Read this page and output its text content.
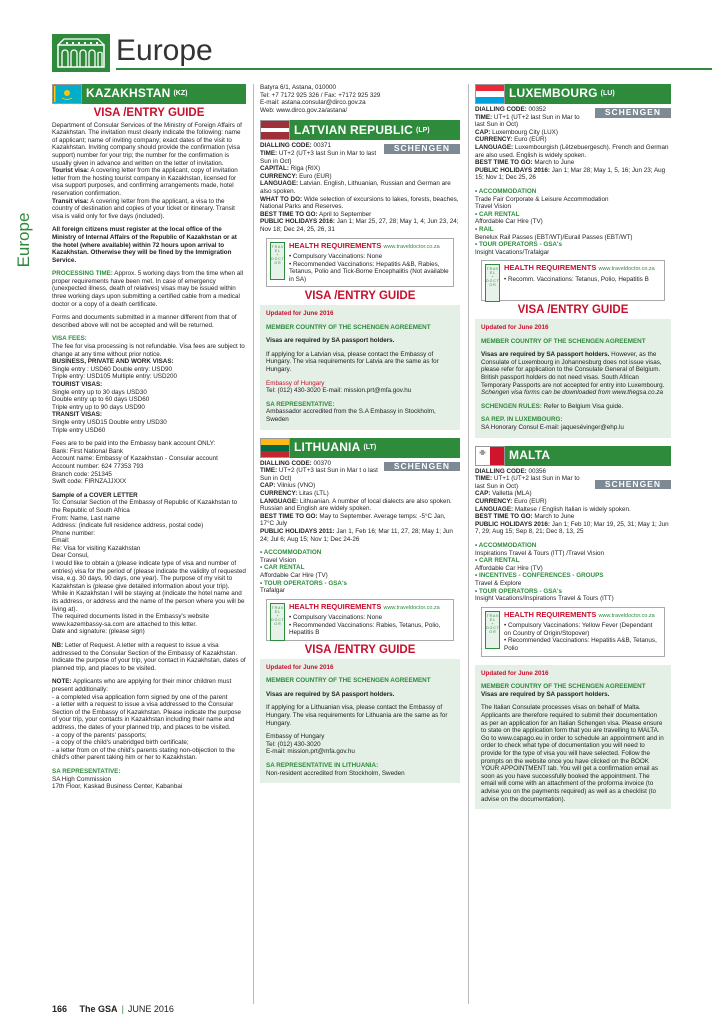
Europe
Europe
KAZAKHSTAN (KZ)
VISA /ENTRY GUIDE

Department of Consular Services of the Ministry of Foreign Affairs of Kazakhstan. The invitation must clearly indicate the following: name of applicant; name of inviting company; exact dates of the visit to Kazakhstan. Inviting company should provide the confirmation (visa support) number for your trip; the number for the confirmation is usually given in advance and written on the letter of invitation.

Tourist visa: A covering letter from the applicant, copy of invitation letter from the hosting tourist company in Kazakhstan, licensed for visa support purposes, and confirming arrangements made, hotel reservation confirmation.
Transit visa: A covering letter from the applicant, a visa to the country of destination and copies of your ticket or itinerary. Transit visa is valid only for five days (included).

All foreign citizens must register at the local office of the Ministry of Internal Affairs of the Republic of Kazakhstan or at the hotel (where available) within 72 hours upon arrival to Kazakhstan. Otherwise they will be fined by the Immigration Service.

PROCESSING TIME: Approx. 5 working days from the time when all proper requirements have been met. In case of emergency (unexpected illness, death of relatives) visas may be issued within three working days upon submitting a certified cable from a medical doctor or a copy of a death certificate.

Forms and documents submitted in a manner different from that of described above will not be accepted and will be returned.

VISA FEES:
The fee for visa processing is not refundable. Visa fees are subject to change at any time without prior notice.
BUSINESS, PRIVATE AND WORK VISAS:
Single entry : USD60 Double entry: USD90
Triple entry: USD105 Multiple entry: USD200
TOURIST VISAS:
Single entry up to 30 days USD30
Double entry up to 60 days USD60
Triple entry up to 90 days USD90
TRANSIT VISAS:
Single entry USD15 Double entry USD30
Triple entry USD60

Fees are to be paid into the Embassy bank account ONLY:
Bank: First National Bank
Account name: Embassy of Kazakhstan - Consular account
Account number: 624 77353 793
Branch code: 251345
Swift code: FIRNZAJJXXX

Sample of a COVER LETTER
To: Consular Section of the Embassy of Republic of Kazakhstan to the Republic of South Africa
From: Name, Last name
Address: (indicate full residence address, postal code)
Phone number:
Email:
Re: Visa for visiting Kazakhstan
Dear Consul,
I would like to obtain a (please indicate type of visa and number of entries) visa for the period of (please indicate the validity of requested visa, e.g. 30 days, 90 days, one year). The purpose of my visit to Kazakhstan is (please give detailed information about your trip).
While in Kazakhstan I will be staying at (indicate the hotel name and its address, or address and the name of the person where you will be living at).
The required documents listed in the Embassy's website www.kazembassy-sa.com are attached to this letter.
Date and signature: (please sign)

NB: Letter of Request. A letter with a request to issue a visa addressed to the Consular Section of the Embassy of Kazakhstan. Indicate the purpose of your trip, your contact in Kazakhstan, dates of planned trip, and places to be visited.

NOTE: Applicants who are applying for their minor children must present additionally:
- a completed visa application form signed by one of the parent
- a letter with a request to issue a visa addressed to the Consular Section of the Embassy of Kazakhstan. Please indicate the purpose of your trip, your contacts in Kazakhstan including their name and address, the dates of your planned trip, and places to be visited.
- a copy of the parents' passports;
- a copy of the child's unabridged birth certificate;
- a letter from on of the child's parents stating non-objection to the child's other parent taking him or her to Kazakhstan.

SA REPRESENTATIVE:
SA High Commission
17th Floor, Kaskad Business Center, Kabanbai

Batyra 6/1, Astana, 010000
Tel: +7 7172 925 326 / Fax: +7172 925 329
E-mail: astana.consular@dirco.gov.za
Web: www.dirco.gov.za/astana/

LATVIAN REPUBLIC (LP)
SCHENGEN
DIALLING CODE: 00371
TIME: UT+2 (UT+3 last Sun in Mar to last Sun in Oct)
CAPITAL: Riga (RIX)
CURRENCY: Euro (EUR)
LANGUAGE: Latvian. English, Lithuanian, Russian and German are also spoken.
WHAT TO DO: Wide selection of excursions to lakes, forests, beaches, National Parks and Reserves.
BEST TIME TO GO: April to September
PUBLIC HOLIDAYS 2016: Jan 1; Mar 25, 27, 28; May 1, 4; Jun 23, 24; Nov 18; Dec 24, 25, 26, 31
T R A V E L
+
D O C T O R
HEALTH REQUIREMENTS www.traveldoctor.co.za
• Compulsory Vaccinations: None
• Recommended Vaccinations: Hepatitis A&B, Rabies, Tetanus, Polio and Tick-Borne Encephalitis (Not available in SA)
VISA /ENTRY GUIDE

Updated for June 2016

MEMBER COUNTRY OF THE SCHENGEN AGREEMENT

Visas are required by SA passport holders.

If applying for a Latvian visa, please contact the Embassy of Hungary. The visa requirements for Latvia are the same as for Hungary.

Embassy of Hungary
Tel: (012) 430-3020 E-mail: mission.prt@mfa.gov.hu

SA REPRESENTATIVE:
Ambassador accredited from the S.A Embassy in Stockholm, Sweden

LITHUANIA (LT)
SCHENGEN
DIALLING CODE: 00370
TIME: UT+2 (UT+3 last Sun in Mar t o last Sun in Oct)
CAP: Vilnius (VNO)
CURRENCY: Litas (LTL)
LANGUAGE: Lithuanian. A number of local dialects are also spoken. Russian and English are widely spoken.
BEST TIME TO GO: May to September. Average temps: -5°C Jan, 17°C July
PUBLIC HOLIDAYS 2011: Jan 1, Feb 16; Mar 11, 27, 28; May 1; Jun 24; Jul 6; Aug 15; Nov 1; Dec 24-26
• ACCOMMODATION
Travel Vision
• CAR RENTAL
Affordable Car Hire (TV)
• TOUR OPERATORS - GSA's
Trafalgar
T R A V E L
+
D O C T O R
HEALTH REQUIREMENTS www.traveldoctor.co.za
• Compulsory Vaccinations: None
• Recommended Vaccinations: Rabies, Tetanus, Polio, Hepatitis B
VISA /ENTRY GUIDE

Updated for June 2016

MEMBER COUNTRY OF THE SCHENGEN AGREEMENT

Visas are required by SA passport holders.

If applying for a Lithuanian visa, please contact the Embassy of Hungary. The visa requirements for Lithuania are the same as for Hungary.

Embassy of Hungary
Tel: (012) 430-3020
E-mail: mission.prt@mfa.gov.hu

SA REPRESENTATIVE IN LITHUANIA:
Non-resident accredited from Stockholm, Sweden

LUXEMBOURG (LU)
SCHENGEN
DIALLING CODE: 00352
TIME: UT+1 (UT+2 last Sun in Mar to last Sun in Oct)
CAP: Luxembourg City (LUX)
CURRENCY: Euro (EUR)
LANGUAGE: Luxembourgish (Lëtzebuergesch). French and German are also used. English is widely spoken.
BEST TIME TO GO: March to June
PUBLIC HOLIDAYS 2016: Jan 1; Mar 28; May 1, 5, 16; Jun 23; Aug 15; Nov 1; Dec 25, 26
• ACCOMMODATION
Trade Fair Corporate & Leisure Accommodation
Travel Vision
• CAR RENTAL
Affordable Car Hire (TV)
• RAIL
Benelux Rail Passes (EBT/WT)/Eurail Passes (EBT/WT)
• TOUR OPERATORS - GSA's
Insight Vacations/Trafalgar
T R A V E L
+
D O C T O R
HEALTH REQUIREMENTS www.traveldoctor.co.za
• Recomm. Vaccinations: Tetanus, Polio, Hepatitis B
VISA /ENTRY GUIDE

Updated for June 2016

MEMBER COUNTRY OF THE SCHENGEN AGREEMENT

Visas are required by SA passport holders. However, as the Consulate of Luxembourg in Johannesburg does not issue visas, please refer for application to the Consulate General of Belgium. British passport holders do not need visas. South African Temporary Passports are not accepted for entry into Luxembourg. Schengen visa forms can be downloaded from www.thegsa.co.za

SCHENGEN RULES: Refer to Belgium Visa guide.

SA REP. IN LUXEMBOURG:
SA Honorary Consul E-mail: jaquesévinger@ehp.lu

MALTA
SCHENGEN
DIALLING CODE: 00356
TIME: UT+1 (UT+2 last Sun in Mar to last Sun in Oct)
CAP: Valletta (MLA)
CURRENCY: Euro (EUR)
LANGUAGE: Maltese / English Italian is widely spoken.
BEST TIME TO GO: March to June
PUBLIC HOLIDAYS 2016: Jan 1; Feb 10; Mar 19, 25, 31; May 1; Jun 7, 29; Aug 15; Sep 8, 21; Dec 8, 13, 25
• ACCOMMODATION
Inspirations Travel & Tours (ITT) /Travel Vision
• CAR RENTAL
Affordable Car Hire (TV)
• INCENTIVES - CONFERENCES - GROUPS
Travel & Explore
• TOUR OPERATORS - GSA's
Insight Vacations/Inspirations Travel & Tours (ITT)
T R A V E L
+
D O C T O R
HEALTH REQUIREMENTS www.traveldoctor.co.za
• Compulsory Vaccinations: Yellow Fever (Dependant on Country of Origin/Stopover)
• Recommended Vaccinations: Hepatitis A&B, Tetanus, Polio

Updated for June 2016

MEMBER COUNTRY OF THE SCHENGEN AGREEMENT

Visas are required by SA passport holders.

The Italian Consulate processes visas on behalf of Malta. Applicants are therefore required to submit their documentation as per an application for an Italian Schengen visa. Please ensure to state on the application form that you are travelling to MALTA. Go to www.capago.eu in order to schedule an appointment and in order to check what type of documentation you will need to provide for the type of visa you will have selected. Follow the prompts on the website once you have clicked on the BOOK YOUR APPOINTMENT tab. You will get a confirmation email as soon as you have successfully booked the appointment. The email will come with an attachment of the proforma invoice (to advise you on the payments required) as well as a checklist (to advise on the documentation).

166 The GSA | JUNE 2016
